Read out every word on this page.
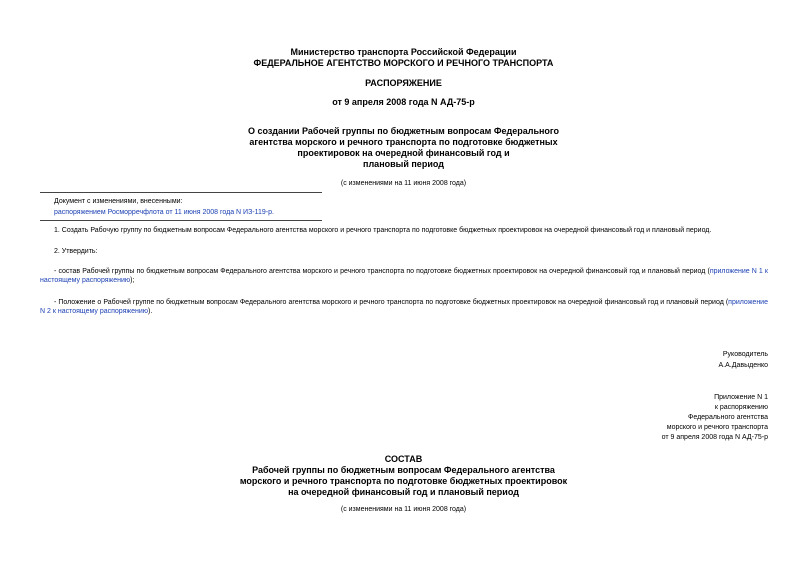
Министерство транспорта Российской Федерации
ФЕДЕРАЛЬНОЕ АГЕНТСТВО МОРСКОГО И РЕЧНОГО ТРАНСПОРТА
РАСПОРЯЖЕНИЕ
от 9 апреля 2008 года N АД-75-р
О создании Рабочей группы по бюджетным вопросам Федерального
агентства морского и речного транспорта по подготовке бюджетных
проектировок на очередной финансовый год и
плановый период
(с изменениями на 11 июня 2008 года)
Документ с изменениями, внесенными:
распоряжением Росморречфлота от 11 июня 2008 года N ИЗ-119-р.
1. Создать Рабочую группу по бюджетным вопросам Федерального агентства морского и речного транспорта по подготовке бюджетных проектировок на очередной финансовый год и плановый период.
2. Утвердить:
- состав Рабочей группы по бюджетным вопросам Федерального агентства морского и речного транспорта по подготовке бюджетных проектировок на очередной финансовый год и плановый период (приложение N 1 к настоящему распоряжению);
- Положение о Рабочей группе по бюджетным вопросам Федерального агентства морского и речного транспорта по подготовке бюджетных проектировок на очередной финансовый год и плановый период (приложение N 2 к настоящему распоряжению).
Руководитель
А.А.Давыденко
Приложение N 1
к распоряжению
Федерального агентства
морского и речного транспорта
от 9 апреля 2008 года N АД-75-р
СОСТАВ
Рабочей группы по бюджетным вопросам Федерального агентства
морского и речного транспорта по подготовке бюджетных проектировок
на очередной финансовый год и плановый период
(с изменениями на 11 июня 2008 года)
